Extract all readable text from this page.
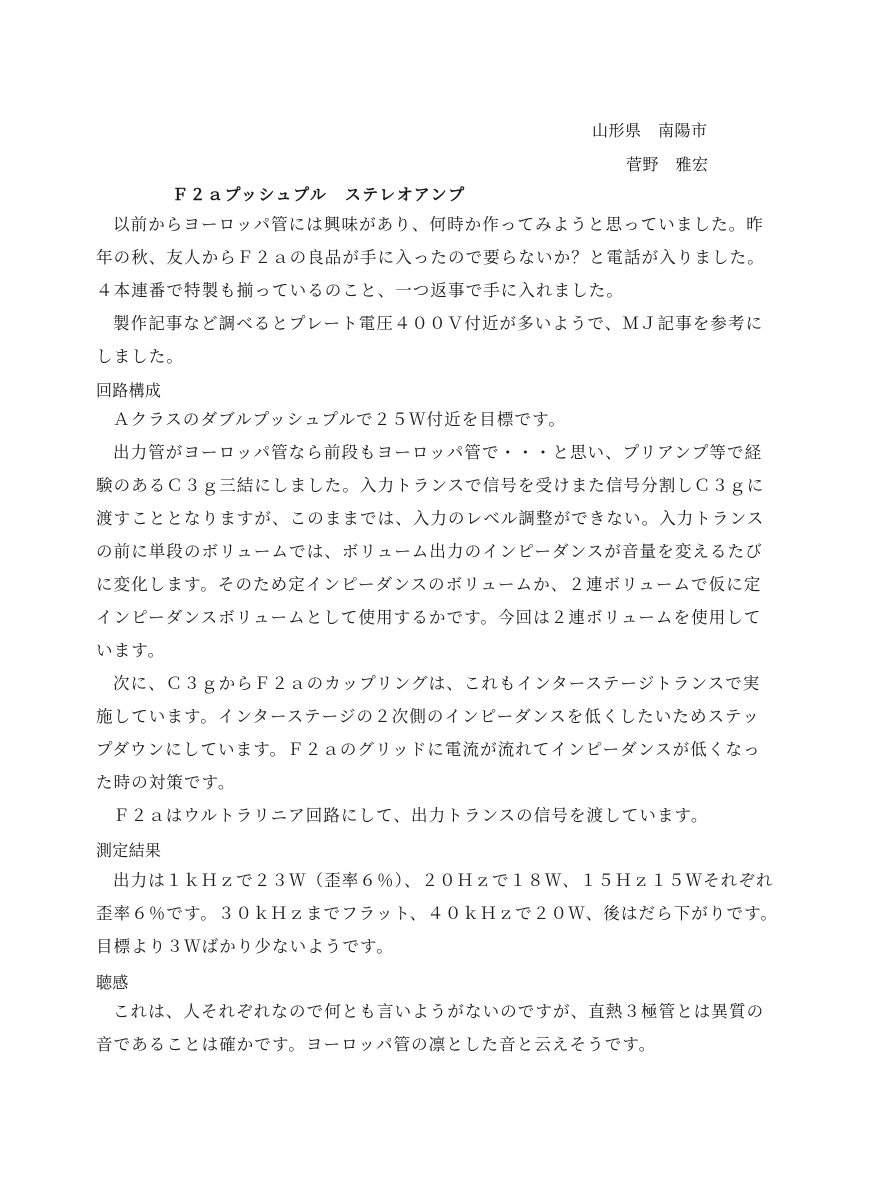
山形県　南陽市
菅野　雅宏
Ｆ２ａプッシュプル　ステレオアンプ
以前からヨーロッパ管には興味があり、何時か作ってみようと思っていました。昨
年の秋、友人からＦ２ａの良品が手に入ったので要らないか？と電話が入りました。
４本連番で特製も揃っているのこと、一つ返事で手に入れました。
製作記事など調べるとプレート電圧４００Ｖ付近が多いようで、ＭＪ記事を参考に
しました。
回路構成
Ａクラスのダブルプッシュプルで２５Ｗ付近を目標です。
出力管がヨーロッパ管なら前段もヨーロッパ管で・・・と思い、プリアンプ等で経
験のあるＣ３ｇ三結にしました。入力トランスで信号を受けまた信号分割しＣ３ｇに
渡すこととなりますが、このままでは、入力のレベル調整ができない。入力トランス
の前に単段のボリュームでは、ボリューム出力のインピーダンスが音量を変えるたび
に変化します。そのため定インピーダンスのボリュームか、２連ボリュームで仮に定
インピーダンスボリュームとして使用するかです。今回は２連ボリュームを使用して
います。
次に、Ｃ３ｇからＦ２ａのカップリングは、これもインターステージトランスで実
施しています。インターステージの２次側のインピーダンスを低くしたいためステッ
プダウンにしています。Ｆ２ａのグリッドに電流が流れてインピーダンスが低くなっ
た時の対策です。
Ｆ２ａはウルトラリニア回路にして、出力トランスの信号を渡しています。
測定結果
出力は１ｋＨｚで２３Ｗ（歪率６％）、２０Ｈｚで１８Ｗ、１５Ｈｚ１５Ｗそれぞれ
歪率６％です。３０ｋＨｚまでフラット、４０ｋＨｚで２０Ｗ、後はだら下がりです。
目標より３Ｗばかり少ないようです。
聴感
これは、人それぞれなので何とも言いようがないのですが、直熱３極管とは異質の
音であることは確かです。ヨーロッパ管の凛とした音と云えそうです。
